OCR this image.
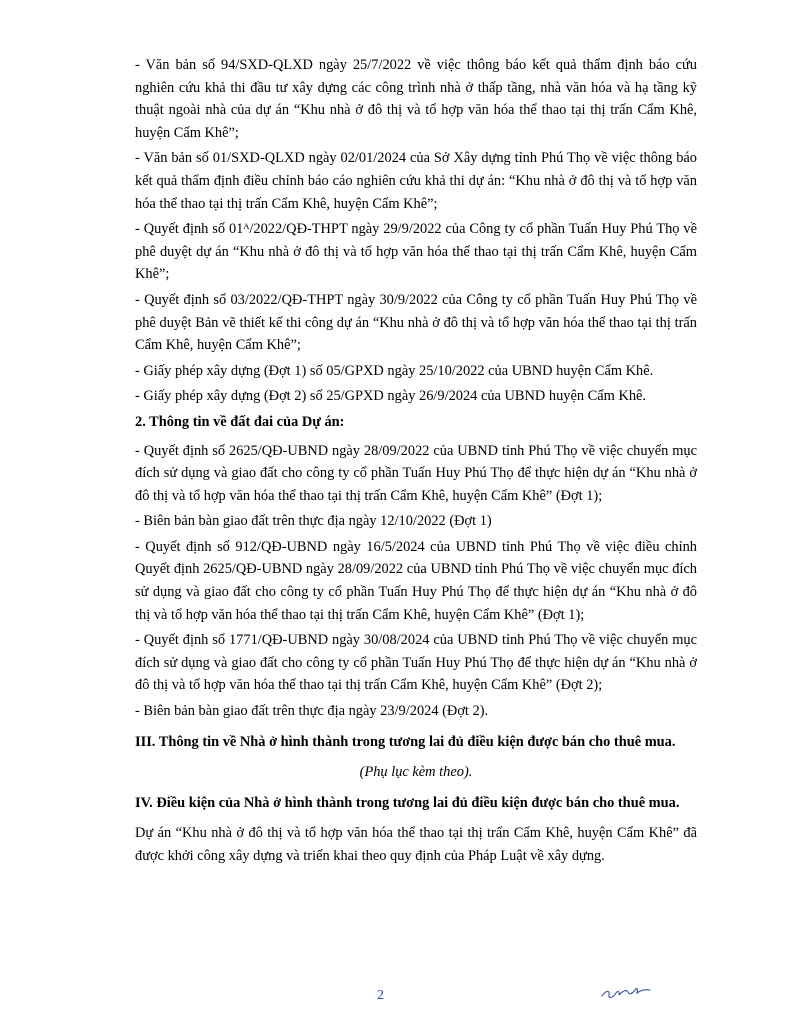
- Văn bản số 94/SXD-QLXD ngày 25/7/2022 về việc thông báo kết quả thẩm định báo cứu nghiên cứu khả thi đầu tư xây dựng các công trình nhà ở thấp tầng, nhà văn hóa và hạ tầng kỹ thuật ngoài nhà của dự án “Khu nhà ở đô thị và tổ hợp văn hóa thể thao tại thị trấn Cẩm Khê, huyện Cẩm Khê”;

- Văn bản số 01/SXD-QLXD ngày 02/01/2024 của Sở Xây dựng tỉnh Phú Thọ về việc thông báo kết quả thẩm định điều chỉnh báo cáo nghiên cứu khả thi dự án: “Khu nhà ở đô thị và tổ hợp văn hóa thể thao tại thị trấn Cẩm Khê, huyện Cẩm Khê”;

- Quyết định số 01ᴬ/2022/QĐ-THPT ngày 29/9/2022 của Công ty cổ phần Tuấn Huy Phú Thọ về phê duyệt dự án “Khu nhà ở đô thị và tổ hợp văn hóa thể thao tại thị trấn Cẩm Khê, huyện Cẩm Khê”;

- Quyết định số 03/2022/QĐ-THPT ngày 30/9/2022 của Công ty cổ phần Tuấn Huy Phú Thọ về phê duyệt Bản vẽ thiết kế thi công dự án “Khu nhà ở đô thị và tổ hợp văn hóa thể thao tại thị trấn Cẩm Khê, huyện Cẩm Khê”;

- Giấy phép xây dựng (Đợt 1) số 05/GPXD ngày 25/10/2022 của UBND huyện Cẩm Khê.

- Giấy phép xây dựng (Đợt 2) số 25/GPXD ngày 26/9/2024 của UBND huyện Cẩm Khê.

2. Thông tin về đất đai của Dự án:

- Quyết định số 2625/QĐ-UBND ngày 28/09/2022 của UBND tỉnh Phú Thọ về việc chuyển mục đích sử dụng và giao đất cho công ty cổ phần Tuấn Huy Phú Thọ để thực hiện dự án “Khu nhà ở đô thị và tổ hợp văn hóa thể thao tại thị trấn Cẩm Khê, huyện Cẩm Khê” (Đợt 1);

- Biên bản bàn giao đất trên thực địa ngày 12/10/2022 (Đợt 1)

- Quyết định số 912/QĐ-UBND ngày 16/5/2024 của UBND tỉnh Phú Thọ về việc điều chỉnh Quyết định 2625/QĐ-UBND ngày 28/09/2022 của UBND tỉnh Phú Thọ về việc chuyển mục đích sử dụng và giao đất cho công ty cổ phần Tuấn Huy Phú Thọ để thực hiện dự án “Khu nhà ở đô thị và tổ hợp văn hóa thể thao tại thị trấn Cẩm Khê, huyện Cẩm Khê” (Đợt 1);

- Quyết định số 1771/QĐ-UBND ngày 30/08/2024 của UBND tỉnh Phú Thọ về việc chuyển mục đích sử dụng và giao đất cho công ty cổ phần Tuấn Huy Phú Thọ để thực hiện dự án “Khu nhà ở đô thị và tổ hợp văn hóa thể thao tại thị trấn Cẩm Khê, huyện Cẩm Khê” (Đợt 2);

- Biên bản bàn giao đất trên thực địa ngày 23/9/2024 (Đợt 2).

III. Thông tin về Nhà ở hình thành trong tương lai đủ điều kiện được bán cho thuê mua.

(Phụ lục kèm theo).

IV. Điều kiện của Nhà ở hình thành trong tương lai đủ điều kiện được bán cho thuê mua.

Dự án “Khu nhà ở đô thị và tổ hợp văn hóa thể thao tại thị trấn Cẩm Khê, huyện Cẩm Khê” đã được khởi công xây dựng và triển khai theo quy định của Pháp Luật về xây dựng.

2
